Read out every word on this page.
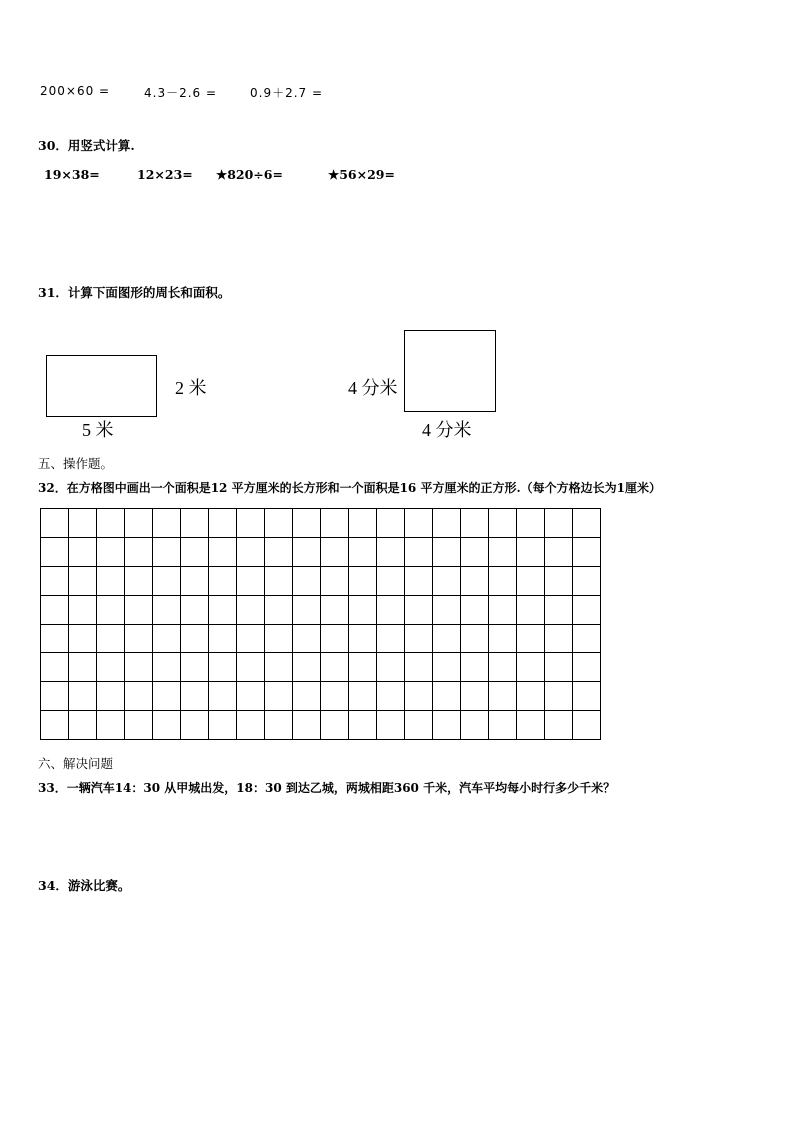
200×60 =	4.3－2.6 =	0.9＋2.7 =
30．用竖式计算.
19×38=	12×23= ★820÷6=	★56×29=
31．计算下面图形的周长和面积。
2 米
5 米
4 分米
4 分米
五、操作题。
32．在方格图中画出一个面积是12 平方厘米的长方形和一个面积是16 平方厘米的正方形.（每个方格边长为1厘米）

六、解决问题
33．一辆汽车14：30 从甲城出发，18：30 到达乙城，两城相距360 千米，汽车平均每小时行多少千米？
34．游泳比赛。
